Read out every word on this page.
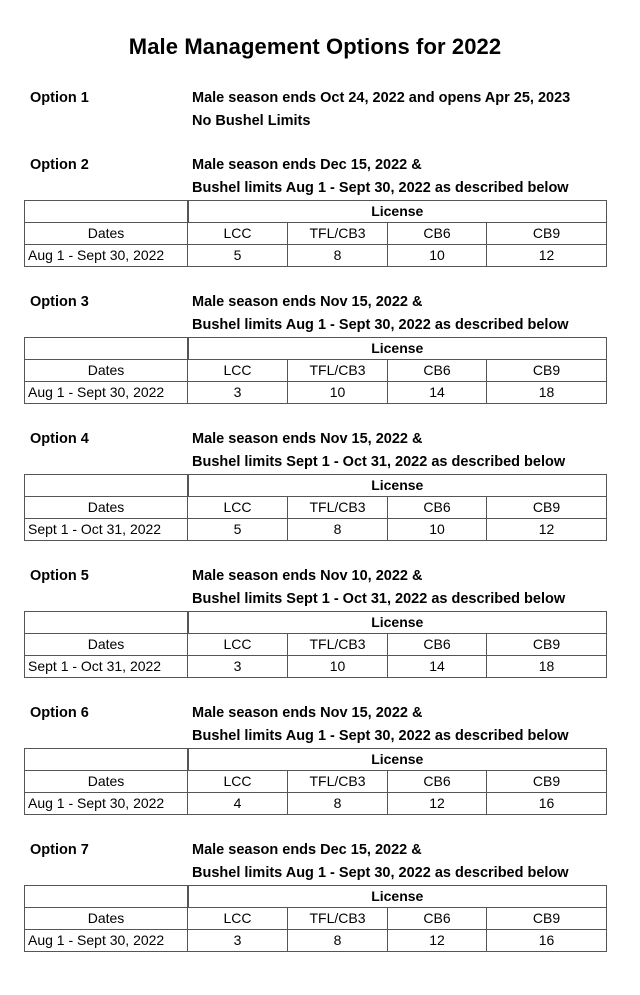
Male Management Options for 2022
Option 1	Male season ends Oct 24, 2022 and opens Apr 25, 2023
No Bushel Limits
Option 2	Male season ends Dec 15, 2022 &
Bushel limits Aug 1 - Sept 30, 2022 as described below
	License			
Dates	LCC	TFL/CB3	CB6	CB9
Aug 1 - Sept 30, 2022	5	8	10	12
Option 3	Male season ends Nov 15, 2022 &
Bushel limits Aug 1 - Sept 30, 2022 as described below
	License			
Dates	LCC	TFL/CB3	CB6	CB9
Aug 1 - Sept 30, 2022	3	10	14	18
Option 4	Male season ends Nov 15, 2022 &
Bushel limits Sept 1 - Oct 31, 2022 as described below
	License			
Dates	LCC	TFL/CB3	CB6	CB9
Sept 1 - Oct 31, 2022	5	8	10	12
Option 5	Male season ends Nov 10, 2022 &
Bushel limits Sept 1 - Oct 31, 2022 as described below
	License			
Dates	LCC	TFL/CB3	CB6	CB9
Sept 1 - Oct 31, 2022	3	10	14	18
Option 6	Male season ends Nov 15, 2022 &
Bushel limits Aug 1 - Sept 30, 2022 as described below
	License			
Dates	LCC	TFL/CB3	CB6	CB9
Aug 1 - Sept 30, 2022	4	8	12	16
Option 7	Male season ends Dec 15, 2022 &
Bushel limits Aug 1 - Sept 30, 2022 as described below
	License			
Dates	LCC	TFL/CB3	CB6	CB9
Aug 1 - Sept 30, 2022	3	8	12	16
